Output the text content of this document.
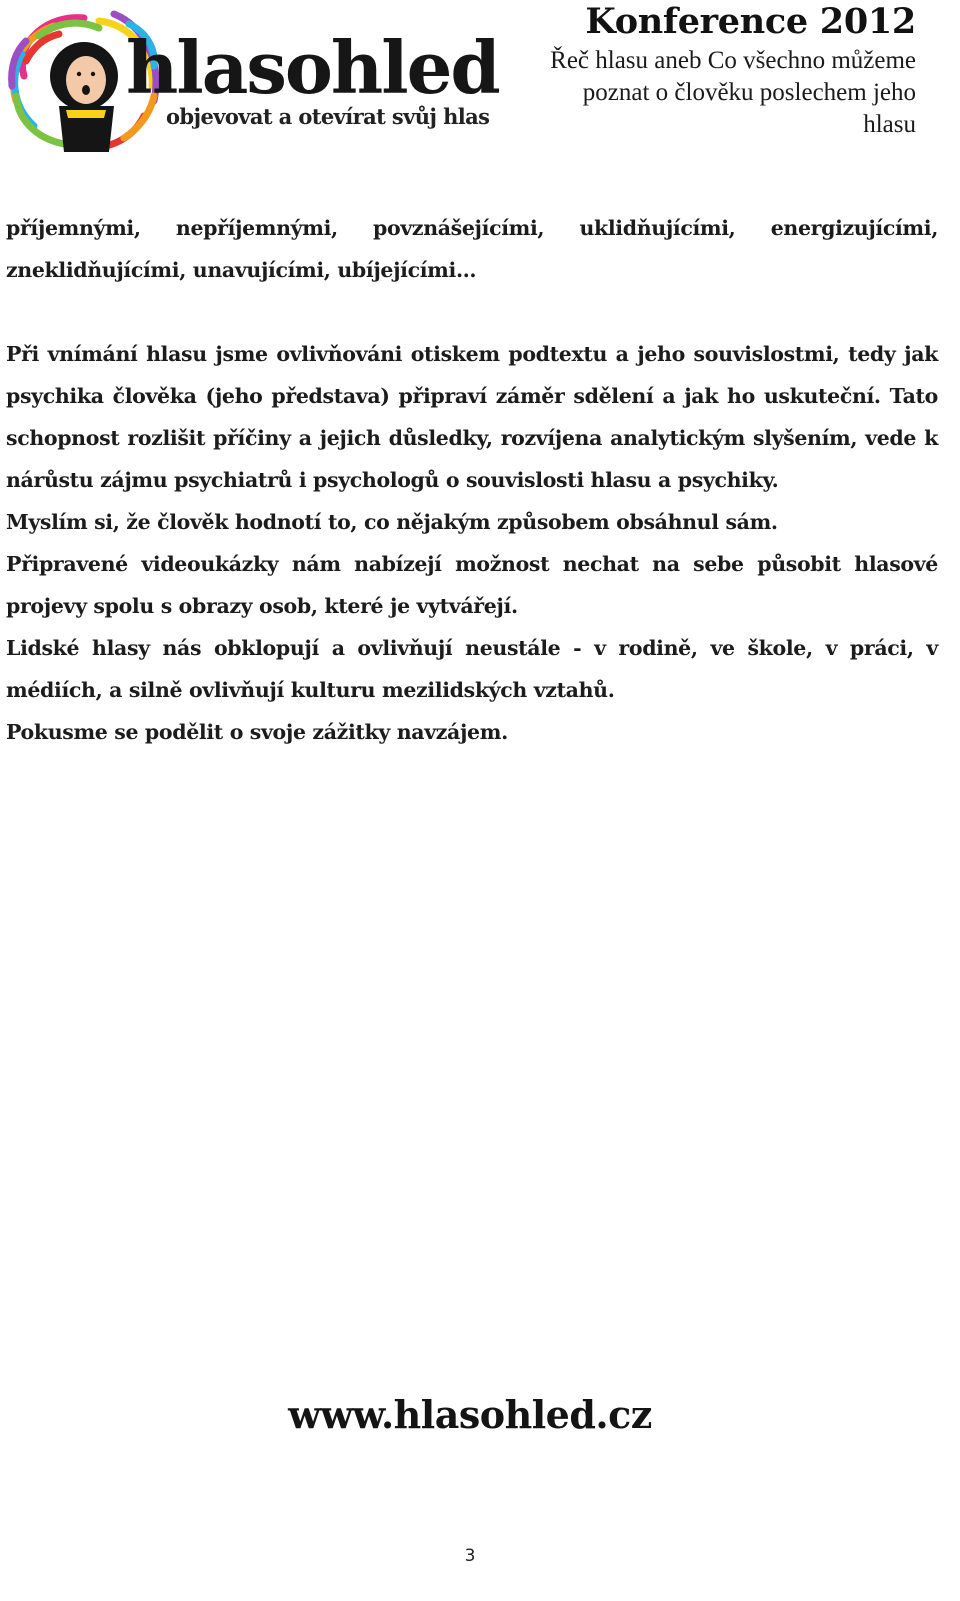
hlasohled
objevovat a otevírat svůj hlas
Konference 2012

Řeč hlasu aneb Co všechno můžeme poznat o člověku poslechem jeho hlasu

příjemnými, nepříjemnými, povznášejícími, uklidňujícími, energizujícími, zneklidňujícími, unavujícími, ubíjejícími…

Při vnímání hlasu jsme ovlivňováni otiskem podtextu a jeho souvislostmi, tedy jak psychika člověka (jeho představa) připraví záměr sdělení a jak ho uskuteční. Tato schopnost rozlišit příčiny a jejich důsledky, rozvíjena analytickým slyšením, vede k nárůstu zájmu psychiatrů i psychologů o souvislosti hlasu a psychiky.

Myslím si, že člověk hodnotí to, co nějakým způsobem obsáhnul sám.

Připravené videoukázky nám nabízejí možnost nechat na sebe působit hlasové projevy spolu s obrazy osob, které je vytvářejí.

Lidské hlasy nás obklopují a ovlivňují neustále - v rodině, ve škole, v práci, v médiích, a silně ovlivňují kulturu mezilidských vztahů.

Pokusme se podělit o svoje zážitky navzájem.

www.hlasohled.cz
3
